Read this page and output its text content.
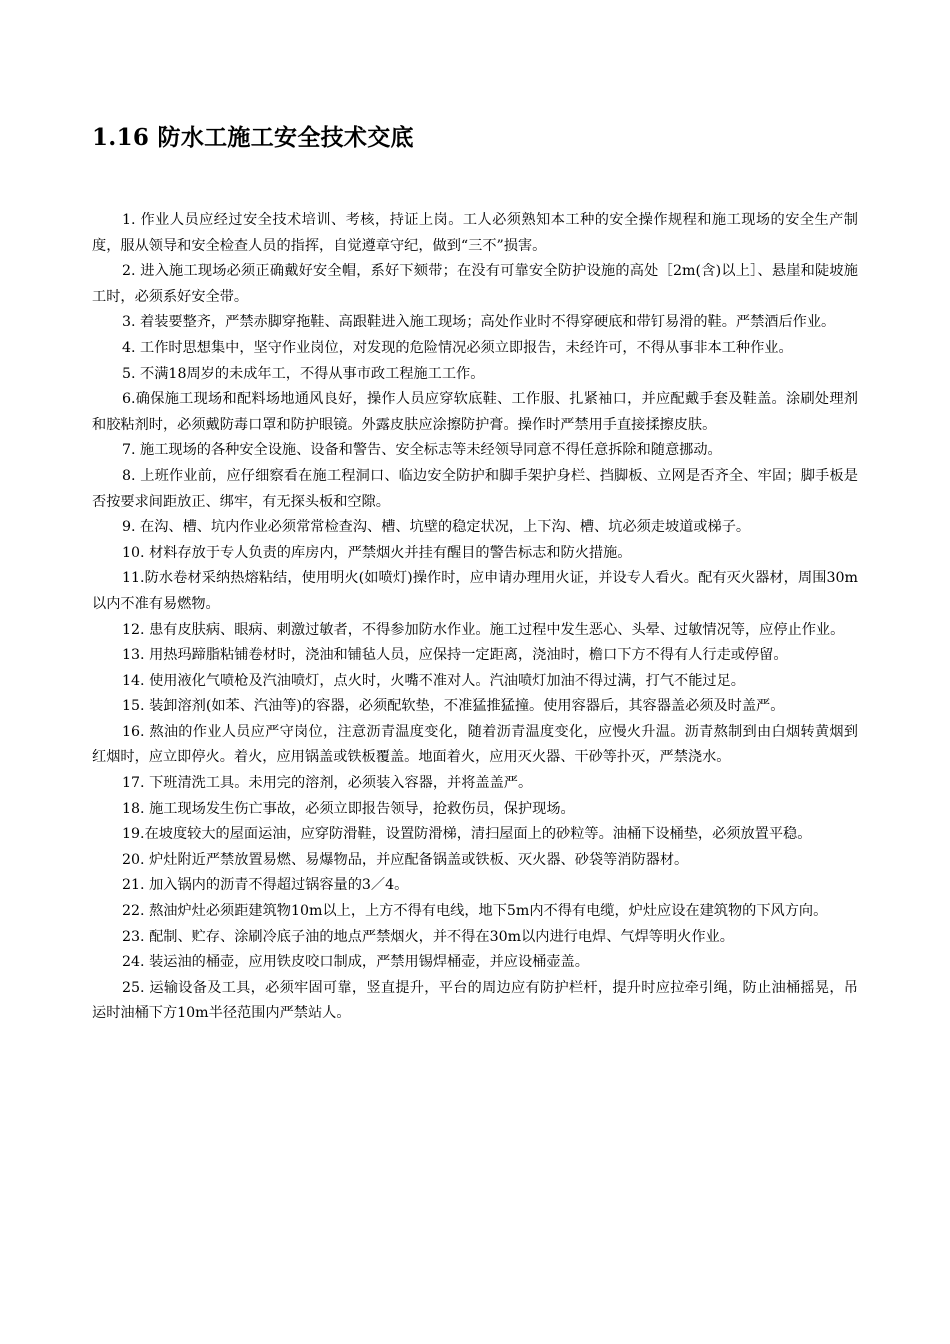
1.16 防水工施工安全技术交底

1. 作业人员应经过安全技术培训、考核，持证上岗。工人必须熟知本工种的安全操作规程和施工现场的安全生产制度，服从领导和安全检查人员的指挥，自觉遵章守纪，做到“三不”损害。

2. 进入施工现场必须正确戴好安全帽，系好下颏带；在没有可靠安全防护设施的高处［2m(含)以上］、悬崖和陡坡施工时，必须系好安全带。

3. 着装要整齐，严禁赤脚穿拖鞋、高跟鞋进入施工现场；高处作业时不得穿硬底和带钉易滑的鞋。严禁酒后作业。

4. 工作时思想集中，坚守作业岗位，对发现的危险情况必须立即报告，未经许可，不得从事非本工种作业。

5. 不满18周岁的未成年工，不得从事市政工程施工工作。

6.确保施工现场和配料场地通风良好，操作人员应穿软底鞋、工作服、扎紧袖口，并应配戴手套及鞋盖。涂刷处理剂和胶粘剂时，必须戴防毒口罩和防护眼镜。外露皮肤应涂擦防护膏。操作时严禁用手直接揉擦皮肤。

7. 施工现场的各种安全设施、设备和警告、安全标志等未经领导同意不得任意拆除和随意挪动。

8. 上班作业前，应仔细察看在施工程洞口、临边安全防护和脚手架护身栏、挡脚板、立网是否齐全、牢固；脚手板是否按要求间距放正、绑牢，有无探头板和空隙。

9. 在沟、槽、坑内作业必须常常检查沟、槽、坑壁的稳定状况，上下沟、槽、坑必须走坡道或梯子。

10. 材料存放于专人负责的库房内，严禁烟火并挂有醒目的警告标志和防火措施。

11.防水卷材采纳热熔粘结，使用明火(如喷灯)操作时，应申请办理用火证，并设专人看火。配有灭火器材，周围30m以内不准有易燃物。

12. 患有皮肤病、眼病、刺激过敏者，不得参加防水作业。施工过程中发生恶心、头晕、过敏情况等，应停止作业。

13. 用热玛蹄脂粘铺卷材时，浇油和铺毡人员，应保持一定距离，浇油时，檐口下方不得有人行走或停留。

14. 使用液化气喷枪及汽油喷灯，点火时，火嘴不准对人。汽油喷灯加油不得过满，打气不能过足。

15. 装卸溶剂(如苯、汽油等)的容器，必须配软垫，不准猛推猛撞。使用容器后，其容器盖必须及时盖严。

16. 熬油的作业人员应严守岗位，注意沥青温度变化，随着沥青温度变化，应慢火升温。沥青熬制到由白烟转黄烟到红烟时，应立即停火。着火，应用锅盖或铁板覆盖。地面着火，应用灭火器、干砂等扑灭，严禁浇水。

17. 下班清洗工具。未用完的溶剂，必须装入容器，并将盖盖严。

18. 施工现场发生伤亡事故，必须立即报告领导，抢救伤员，保护现场。

19.在坡度较大的屋面运油，应穿防滑鞋，设置防滑梯，清扫屋面上的砂粒等。油桶下设桶垫，必须放置平稳。

20. 炉灶附近严禁放置易燃、易爆物品，并应配备锅盖或铁板、灭火器、砂袋等消防器材。

21. 加入锅内的沥青不得超过锅容量的3／4。

22. 熬油炉灶必须距建筑物10m以上，上方不得有电线，地下5m内不得有电缆，炉灶应设在建筑物的下风方向。

23. 配制、贮存、涂刷冷底子油的地点严禁烟火，并不得在30m以内进行电焊、气焊等明火作业。

24. 装运油的桶壶，应用铁皮咬口制成，严禁用锡焊桶壶，并应设桶壶盖。

25. 运输设备及工具，必须牢固可靠，竖直提升，平台的周边应有防护栏杆，提升时应拉牵引绳，防止油桶摇晃，吊运时油桶下方10m半径范围内严禁站人。
